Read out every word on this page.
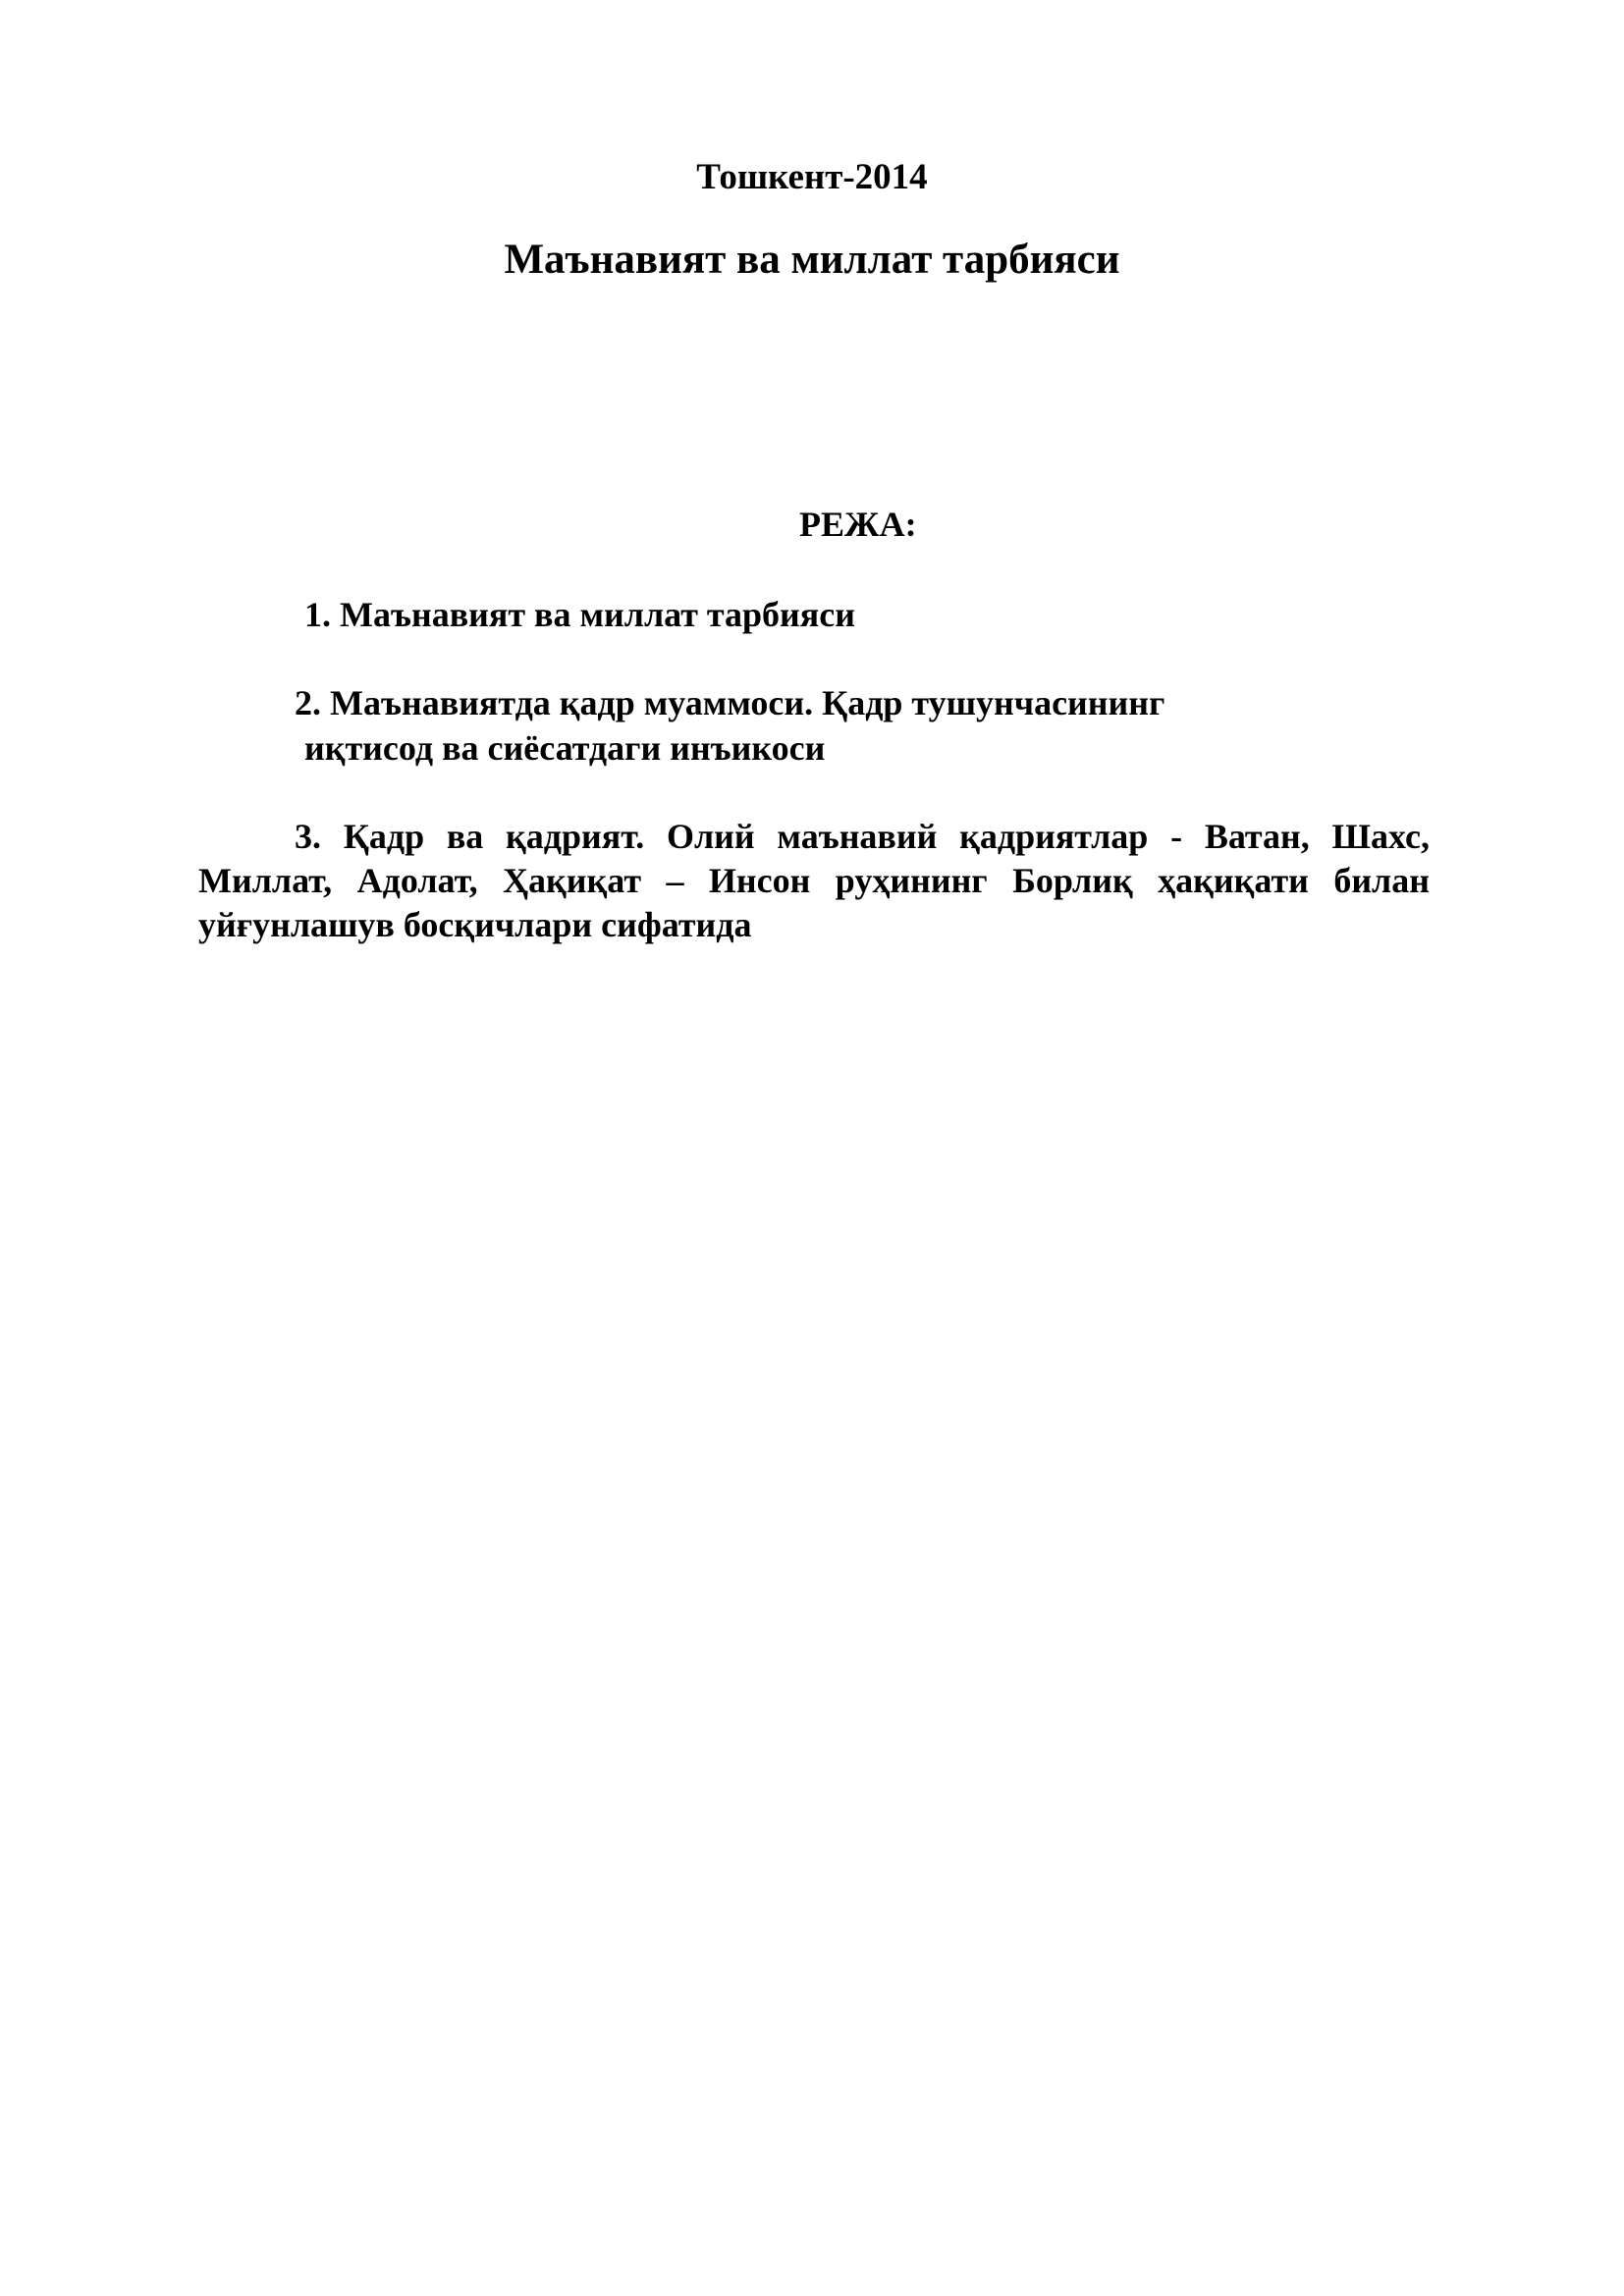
Тошкент-2014
Маънавият ва миллат тарбияси
РЕЖА:
1. Маънавият ва миллат тарбияси
2. Маънавиятда қадр муаммоси. Қадр тушунчасининг
иқтисод ва сиёсатдаги инъикоси
3. Қадр ва қадрият. Олий маънавий қадриятлар - Ватан, Шахс, Миллат, Адолат, Ҳақиқат – Инсон руҳининг Борлиқ ҳақиқати билан уйғунлашув босқичлари сифатида
